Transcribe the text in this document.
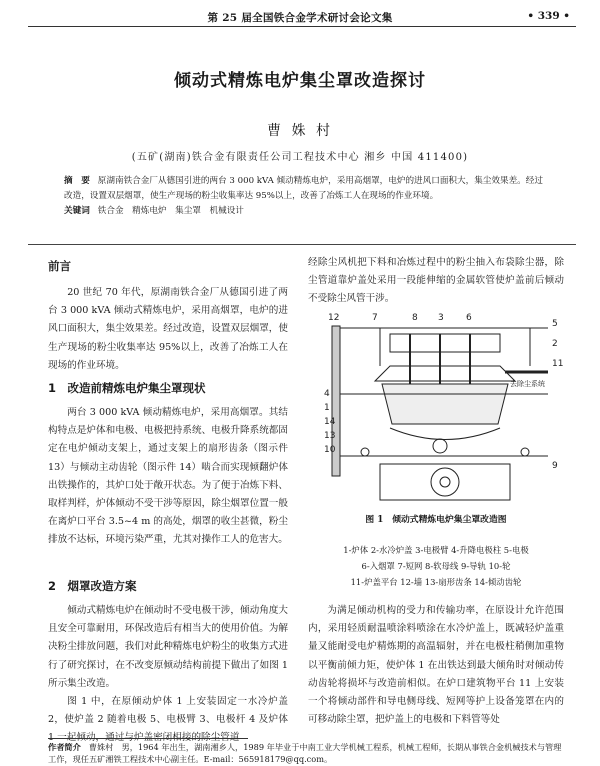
第 25 届全国铁合金学术研讨会论文集	• 339 •
倾动式精炼电炉集尘罩改造探讨
曹 姝 村
(五矿(湖南)铁合金有限责任公司工程技术中心 湘乡 中国 411400)
摘　要 原湖南铁合金厂从德国引进的两台 3 000 kVA 倾动精炼电炉，采用高烟罩，电炉的进风口面积大，集尘效果差。经过改造，设置双层烟罩，使生产现场的粉尘收集率达 95%以上，改善了冶炼工人在现场的作业环境。
关键词 铁合金　精炼电炉　集尘罩　机械设计
前言

20 世纪 70 年代，原湖南铁合金厂从德国引进了两台 3 000 kVA 倾动式精炼电炉，采用高烟罩，电炉的进风口面积大，集尘效果差。经过改造，设置双层烟罩，使生产现场的粉尘收集率达 95%以上，改善了冶炼工人在现场的作业环境。

1　改造前精炼电炉集尘罩现状

两台 3 000 kVA 倾动精炼电炉，采用高烟罩。其结构特点是炉体和电极、电极把持系统、电极升降系统都固定在电炉倾动支架上，通过支架上的扇形齿条（图示件 13）与倾动主动齿轮（图示件 14）啮合而实现倾翻炉体出铁操作的，其炉口处于敞开状态。为了便于冶炼下料、取样判样，炉体倾动不受干涉等原因，除尘烟罩位置一般在离炉口平台 3.5~4 m 的高处，烟罩的收尘甚微，粉尘排放不达标，环境污染严重，尤其对操作工人的危害大。

2　烟罩改造方案

倾动式精炼电炉在倾动时不受电极干涉，倾动角度大且安全可靠耐用，环保改造后有相当大的使用价值。为解决粉尘排放问题，我们对此种精炼电炉粉尘的收集方式进行了研究探讨，在不改变原倾动结构前提下做出了如图 1 所示集尘改造。

图 1 中，在原倾动炉体 1 上安装固定一水冷炉盖 2，使炉盖 2 随着电极 5、电极臂 3、电极杆 4 及炉体 1 一起倾动，通过与炉盖密闭相接的除尘管道

经除尘风机把下料和冶炼过程中的粉尘抽入布袋除尘器，除尘管道靠炉盖处采用一段能伸缩的金属软管使炉盖前后倾动不受除尘风管干涉。

12	7	8 3 6
5
2
11
4
1
14
13
10
9
去除尘系统
图 1　倾动式精炼电炉集尘罩改造图
1-炉体 2-水冷炉盖 3-电极臂 4-升降电极柱 5-电极
6-入烟罩 7-短网 8-软母线 9-导轨 10-轮
11-炉盖平台 12-墙 13-扇形齿条 14-倾动齿轮

为满足倾动机构的受力和传输功率，在原设计允许范围内，采用轻质耐温喷涂料喷涂在水冷炉盖上，既减轻炉盖重量又能耐受电炉精炼期的高温辐射，并在电极柱稍侧加重物以平衡前倾力矩，使炉体 1 在出铁达到最大倾角时对倾动传动齿轮将损坏与改造前相似。在炉口建筑物平台 11 上安装一个将倾动部件和导电侧母线、短网等护上设备笼罩在内的可移动除尘罩，把炉盖上的电极和下料管等处

作者简介 曹姝村　男，1964 年出生，湖南湘乡人，1989 年毕业于中南工业大学机械工程系，机械工程师，长期从事铁合金机械技术与管理工作，现任五矿湘铁工程技术中心副主任。E-mail：565918179@qq.com。
